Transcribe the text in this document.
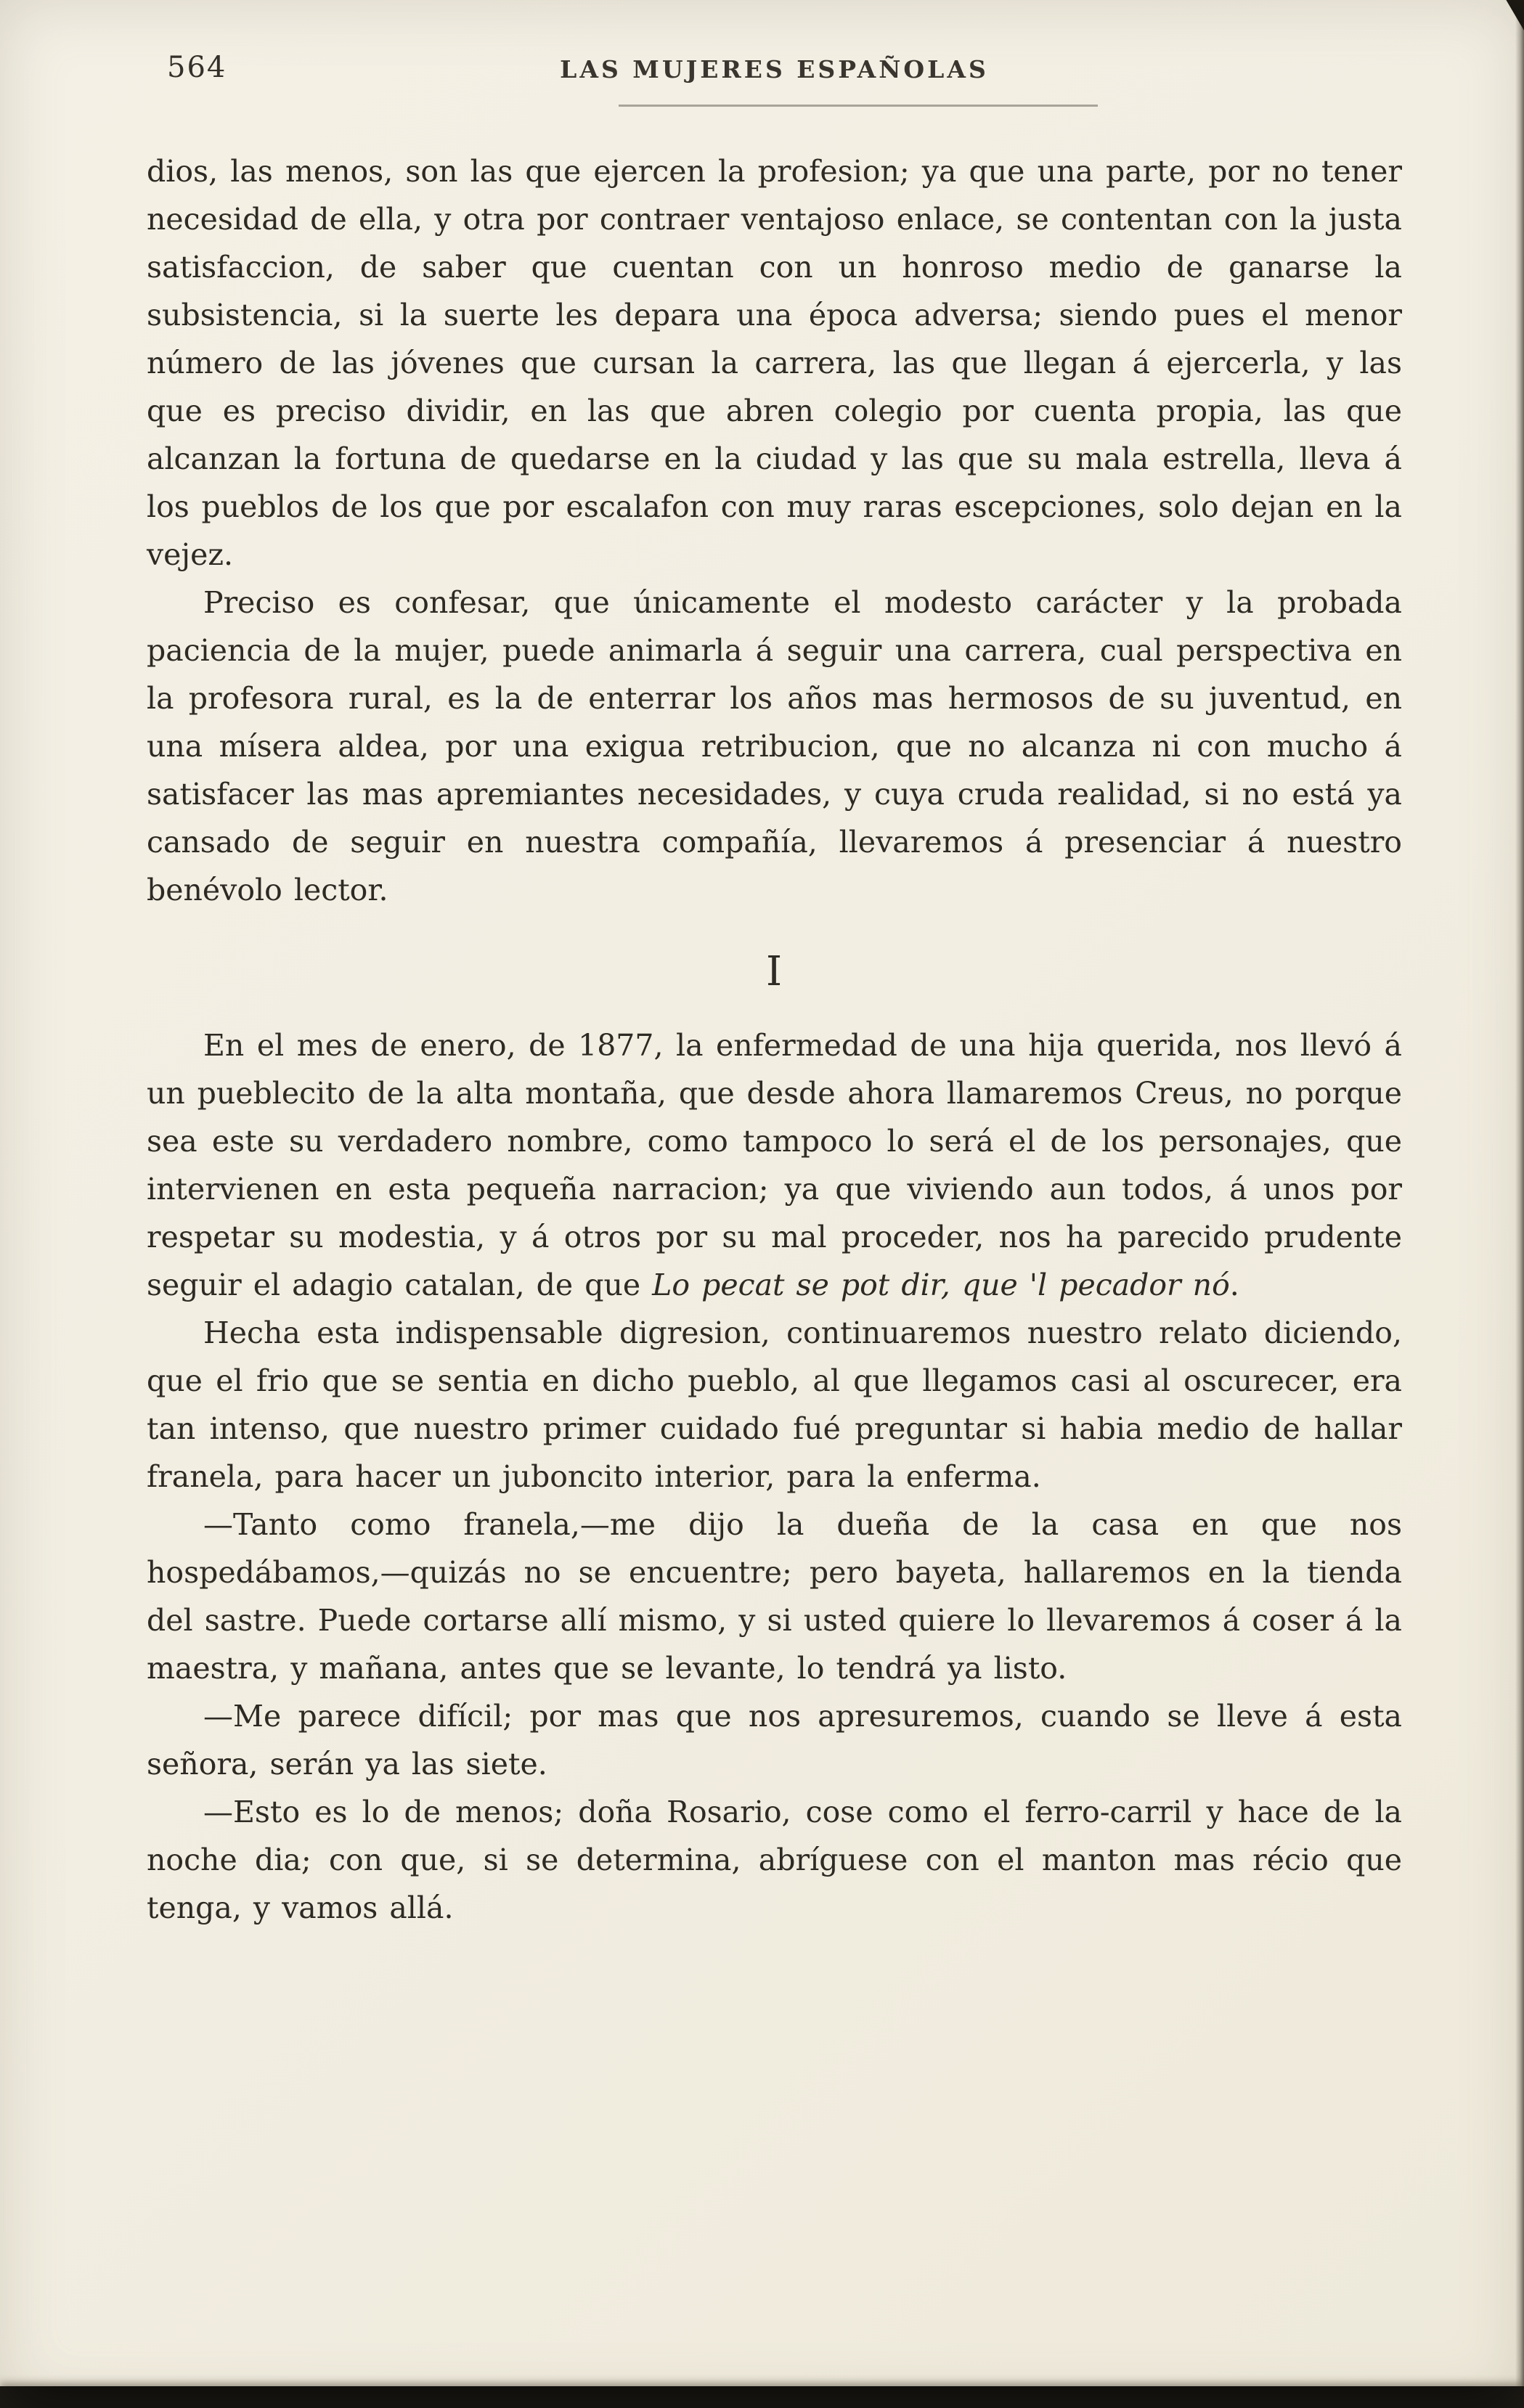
564	LAS MUJERES ESPAÑOLAS

dios, las menos, son las que ejercen la profesion; ya que una parte, por no tener necesidad de ella, y otra por contraer ventajoso enlace, se contentan con la justa satisfaccion, de saber que cuentan con un honroso medio de ganarse la subsistencia, si la suerte les depara una época adversa; siendo pues el menor número de las jóvenes que cursan la carrera, las que llegan á ejercerla, y las que es preciso dividir, en las que abren colegio por cuenta propia, las que alcanzan la fortuna de quedarse en la ciudad y las que su mala estrella, lleva á los pueblos de los que por escalafon con muy raras escepciones, solo dejan en la vejez.

Preciso es confesar, que únicamente el modesto carácter y la probada paciencia de la mujer, puede animarla á seguir una carrera, cual perspectiva en la profesora rural, es la de enterrar los años mas hermosos de su juventud, en una mísera aldea, por una exigua retribucion, que no alcanza ni con mucho á satisfacer las mas apremiantes necesidades, y cuya cruda realidad, si no está ya cansado de seguir en nuestra compañía, llevaremos á presenciar á nuestro benévolo lector.

I

En el mes de enero, de 1877, la enfermedad de una hija querida, nos llevó á un pueblecito de la alta montaña, que desde ahora llamaremos Creus, no porque sea este su verdadero nombre, como tampoco lo será el de los personajes, que intervienen en esta pequeña narracion; ya que viviendo aun todos, á unos por respetar su modestia, y á otros por su mal proceder, nos ha parecido prudente seguir el adagio catalan, de que Lo pecat se pot dir, que 'l pecador nó.

Hecha esta indispensable digresion, continuaremos nuestro relato diciendo, que el frio que se sentia en dicho pueblo, al que llegamos casi al oscurecer, era tan intenso, que nuestro primer cuidado fué preguntar si habia medio de hallar franela, para hacer un juboncito interior, para la enferma.

—Tanto como franela,—me dijo la dueña de la casa en que nos hospedábamos,—quizás no se encuentre; pero bayeta, hallaremos en la tienda del sastre. Puede cortarse allí mismo, y si usted quiere lo llevaremos á coser á la maestra, y mañana, antes que se levante, lo tendrá ya listo.

—Me parece difícil; por mas que nos apresuremos, cuando se lleve á esta señora, serán ya las siete.

—Esto es lo de menos; doña Rosario, cose como el ferro-carril y hace de la noche dia; con que, si se determina, abríguese con el manton mas récio que tenga, y vamos allá.
